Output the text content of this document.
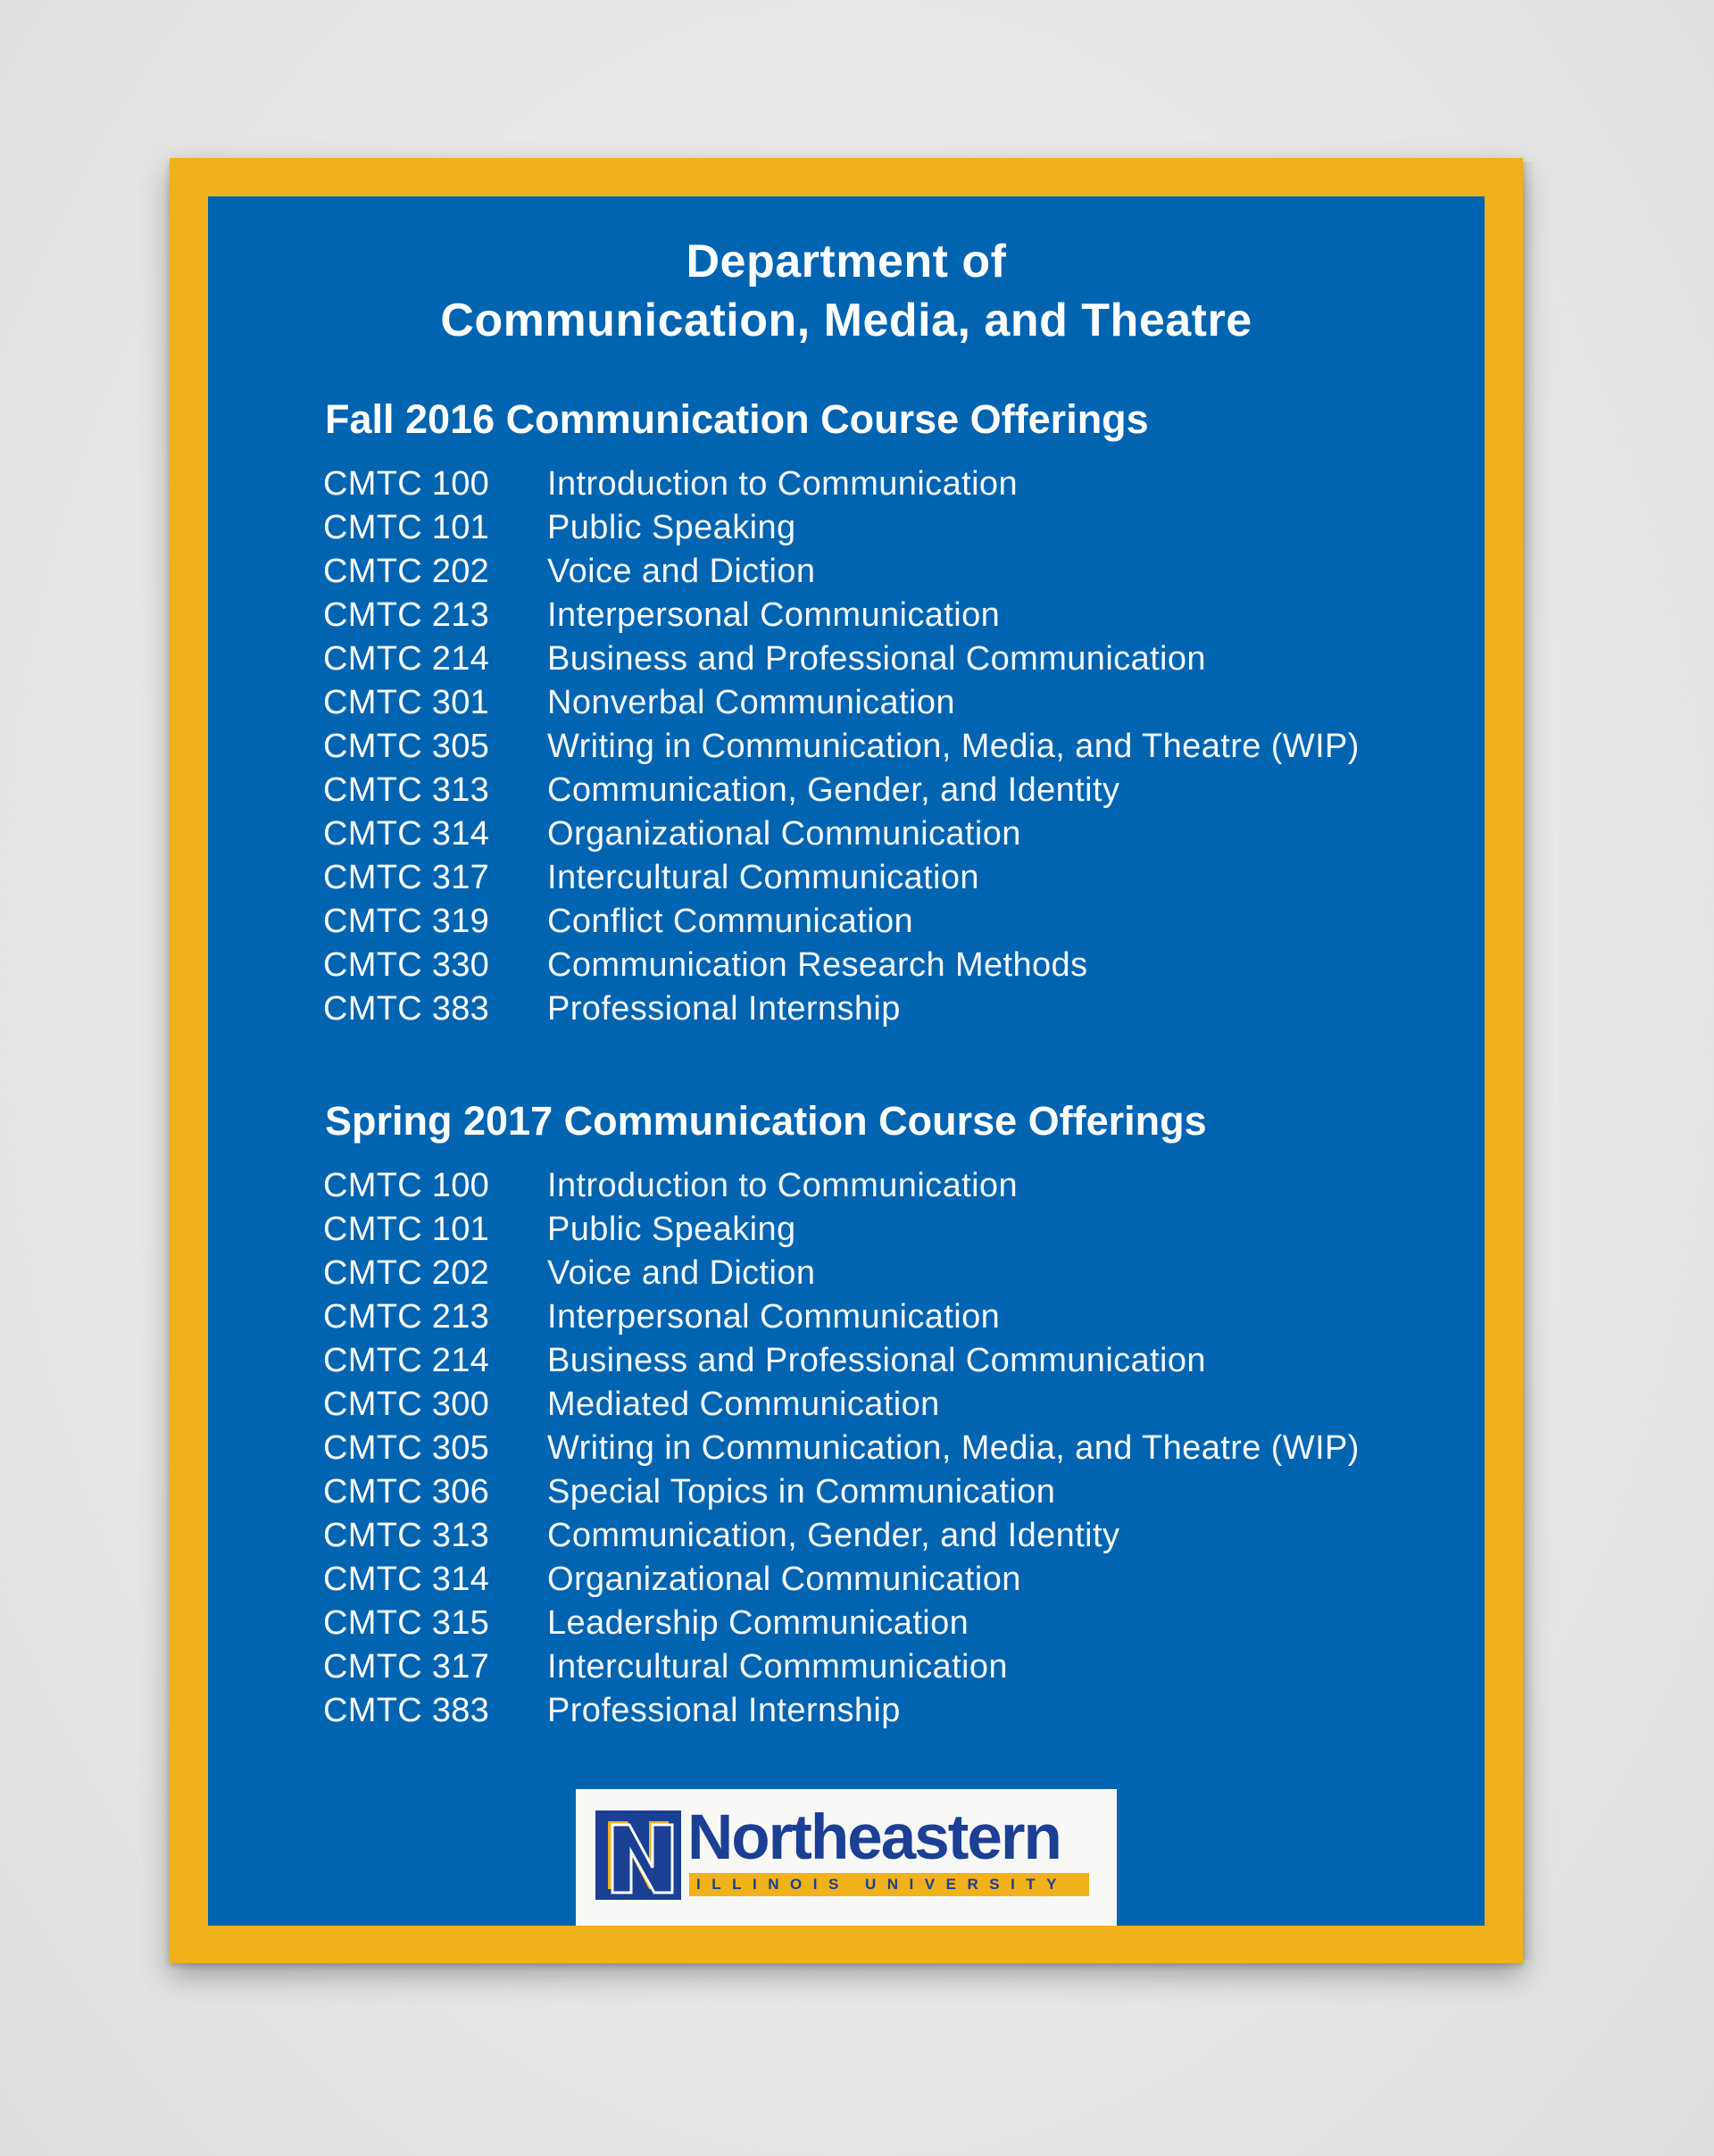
Department of
Communication, Media, and Theatre
Fall 2016 Communication Course Offerings
CMTC 100	Introduction to Communication
CMTC 101	Public Speaking
CMTC 202	Voice and Diction
CMTC 213	Interpersonal Communication
CMTC 214	Business and Professional Communication
CMTC 301	Nonverbal Communication
CMTC 305	Writing in Communication, Media, and Theatre (WIP)
CMTC 313	Communication, Gender, and Identity
CMTC 314	Organizational Communication
CMTC 317	Intercultural Communication
CMTC 319	Conflict Communication
CMTC 330	Communication Research Methods
CMTC 383	Professional Internship
Spring 2017 Communication Course Offerings
CMTC 100	Introduction to Communication
CMTC 101	Public Speaking
CMTC 202	Voice and Diction
CMTC 213	Interpersonal Communication
CMTC 214	Business and Professional Communication
CMTC 300	Mediated Communication
CMTC 305	Writing in Communication, Media, and Theatre (WIP)
CMTC 306	Special Topics in Communication
CMTC 313	Communication, Gender, and Identity
CMTC 314	Organizational Communication
CMTC 315	Leadership Communication
CMTC 317	Intercultural Commmunication
CMTC 383	Professional Internship
Northeastern
ILLINOIS UNIVERSITY
